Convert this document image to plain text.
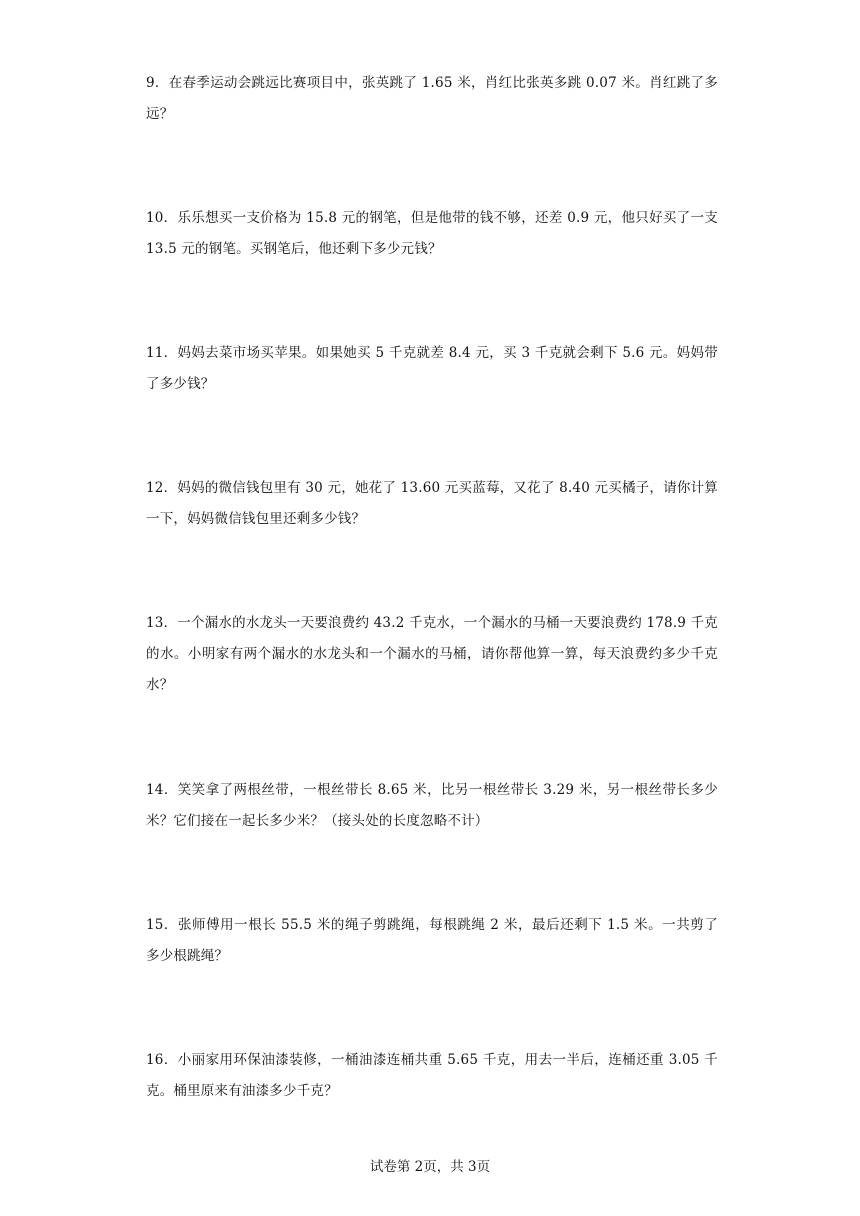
9．在春季运动会跳远比赛项目中，张英跳了 1.65 米，肖红比张英多跳 0.07 米。肖红跳了多远？
10．乐乐想买一支价格为 15.8 元的钢笔，但是他带的钱不够，还差 0.9 元，他只好买了一支 13.5 元的钢笔。买钢笔后，他还剩下多少元钱？
11．妈妈去菜市场买苹果。如果她买 5 千克就差 8.4 元，买 3 千克就会剩下 5.6 元。妈妈带了多少钱？
12．妈妈的微信钱包里有 30 元，她花了 13.60 元买蓝莓，又花了 8.40 元买橘子，请你计算一下，妈妈微信钱包里还剩多少钱？
13．一个漏水的水龙头一天要浪费约 43.2 千克水，一个漏水的马桶一天要浪费约 178.9 千克的水。小明家有两个漏水的水龙头和一个漏水的马桶，请你帮他算一算，每天浪费约多少千克水？
14．笑笑拿了两根丝带，一根丝带长 8.65 米，比另一根丝带长 3.29 米，另一根丝带长多少米？它们接在一起长多少米？（接头处的长度忽略不计）
15．张师傅用一根长 55.5 米的绳子剪跳绳，每根跳绳 2 米，最后还剩下 1.5 米。一共剪了多少根跳绳？
16．小丽家用环保油漆装修，一桶油漆连桶共重 5.65 千克，用去一半后，连桶还重 3.05 千克。桶里原来有油漆多少千克？
试卷第 2页，共 3页
